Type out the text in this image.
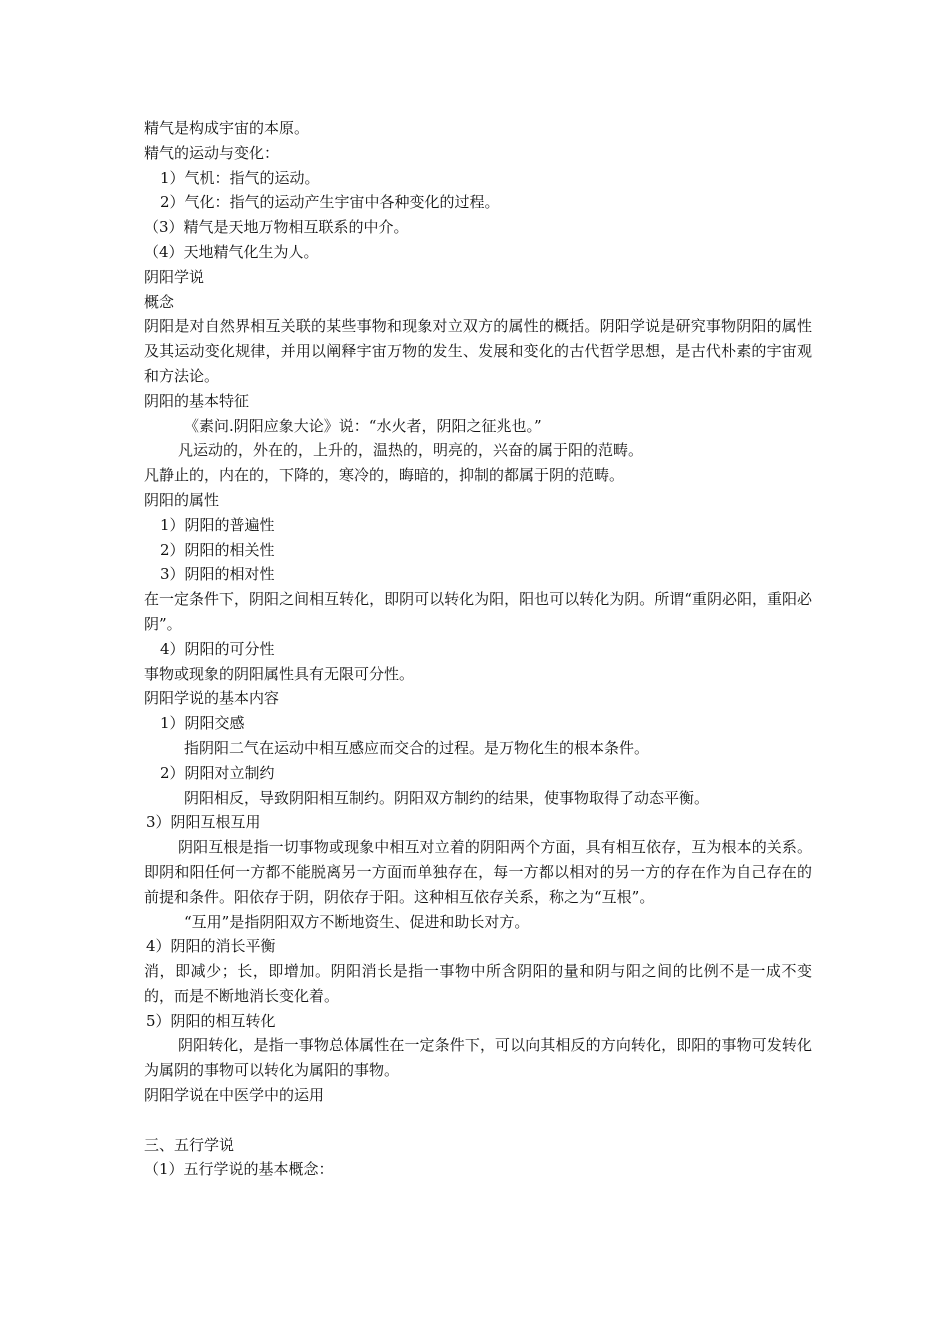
精气是构成宇宙的本原。
精气的运动与变化：
1）气机：指气的运动。
2）气化：指气的运动产生宇宙中各种变化的过程。
（3）精气是天地万物相互联系的中介。
（4）天地精气化生为人。
阴阳学说
概念
阴阳是对自然界相互关联的某些事物和现象对立双方的属性的概括。阴阳学说是研究事物阴阳的属性及其运动变化规律，并用以阐释宇宙万物的发生、发展和变化的古代哲学思想，是古代朴素的宇宙观和方法论。
阴阳的基本特征
《素问.阴阳应象大论》说：“水火者，阴阳之征兆也。”
凡运动的，外在的，上升的，温热的，明亮的，兴奋的属于阳的范畴。
凡静止的，内在的，下降的，寒冷的，晦暗的，抑制的都属于阴的范畴。
阴阳的属性
1）阴阳的普遍性
2）阴阳的相关性
3）阴阳的相对性
在一定条件下，阴阳之间相互转化，即阴可以转化为阳，阳也可以转化为阴。所谓“重阴必阳，重阳必阴”。
4）阴阳的可分性
事物或现象的阴阳属性具有无限可分性。
阴阳学说的基本内容
1）阴阳交感
指阴阳二气在运动中相互感应而交合的过程。是万物化生的根本条件。
2）阴阳对立制约
阴阳相反，导致阴阳相互制约。阴阳双方制约的结果，使事物取得了动态平衡。
3）阴阳互根互用
阴阳互根是指一切事物或现象中相互对立着的阴阳两个方面，具有相互依存，互为根本的关系。即阴和阳任何一方都不能脱离另一方面而单独存在，每一方都以相对的另一方的存在作为自己存在的前提和条件。阳依存于阴，阴依存于阳。这种相互依存关系，称之为“互根”。
“互用”是指阴阳双方不断地资生、促进和助长对方。
4）阴阳的消长平衡
消，即减少；长，即增加。阴阳消长是指一事物中所含阴阳的量和阴与阳之间的比例不是一成不变的，而是不断地消长变化着。
5）阴阳的相互转化
阴阳转化，是指一事物总体属性在一定条件下，可以向其相反的方向转化，即阳的事物可发转化为属阴的事物可以转化为属阳的事物。
阴阳学说在中医学中的运用
三、五行学说
（1）五行学说的基本概念：
